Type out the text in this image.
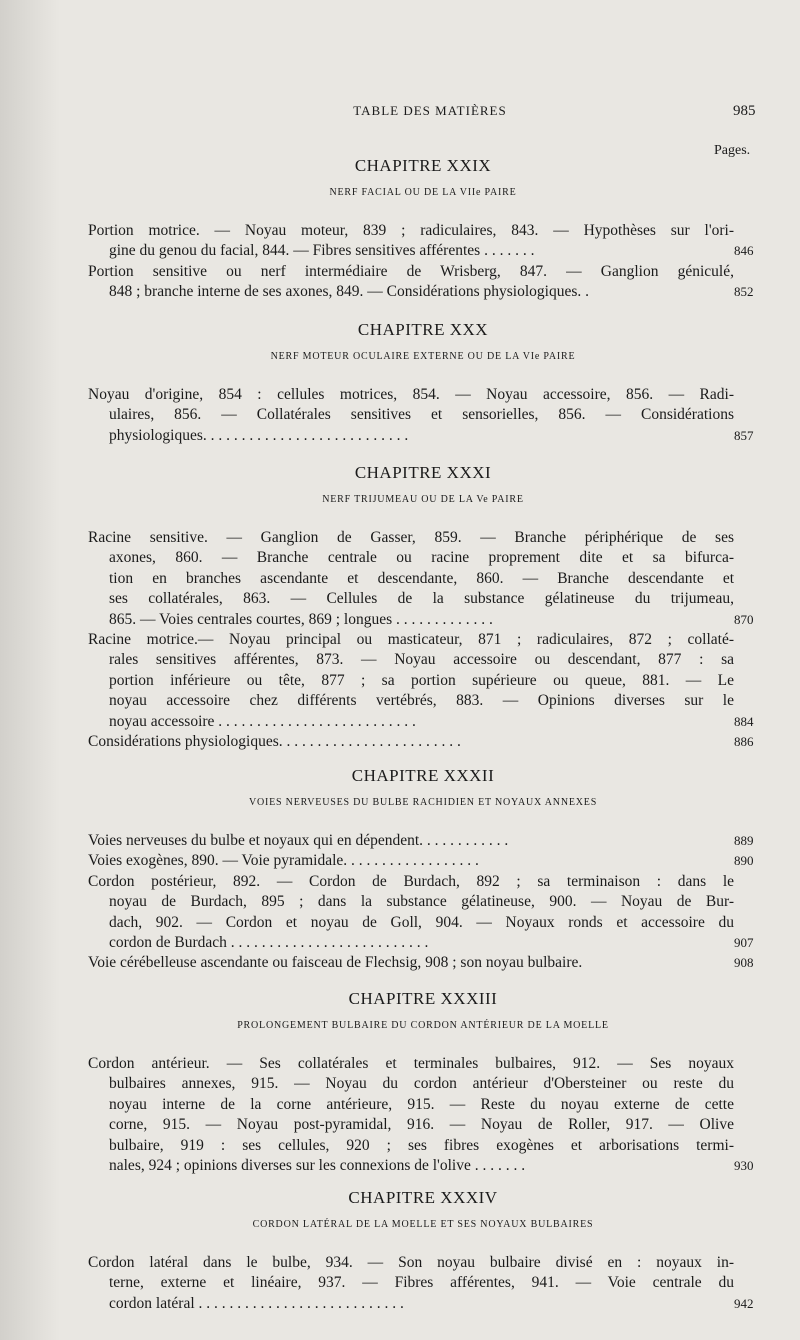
TABLE DES MATIÈRES	985
Pages.
CHAPITRE XXIX
NERF FACIAL OU DE LA VIIe PAIRE
Portion motrice. — Noyau moteur, 839 ; radiculaires, 843. — Hypothèses sur l'ori-
gine du genou du facial, 844. — Fibres sensitives afférentes . . . . . . .	846
Portion sensitive ou nerf intermédiaire de Wrisberg, 847. — Ganglion géniculé,
848 ; branche interne de ses axones, 849. — Considérations physiologiques. .	852
CHAPITRE XXX
NERF MOTEUR OCULAIRE EXTERNE OU DE LA VIe PAIRE
Noyau d'origine, 854 : cellules motrices, 854. — Noyau accessoire, 856. — Radi-
ulaires, 856. — Collatérales sensitives et sensorielles, 856. — Considérations
physiologiques. . . . . . . . . . . . . . . . . . . . . . . . . . .	857
CHAPITRE XXXI
NERF TRIJUMEAU OU DE LA Ve PAIRE
Racine sensitive. — Ganglion de Gasser, 859. — Branche périphérique de ses
axones, 860. — Branche centrale ou racine proprement dite et sa bifurca-
tion en branches ascendante et descendante, 860. — Branche descendante et
ses collatérales, 863. — Cellules de la substance gélatineuse du trijumeau,
865. — Voies centrales courtes, 869 ; longues . . . . . . . . . . . . .	870
Racine motrice.— Noyau principal ou masticateur, 871 ; radiculaires, 872 ; collaté-
rales sensitives afférentes, 873. — Noyau accessoire ou descendant, 877 : sa
portion inférieure ou tête, 877 ; sa portion supérieure ou queue, 881. — Le
noyau accessoire chez différents vertébrés, 883. — Opinions diverses sur le
noyau accessoire . . . . . . . . . . . . . . . . . . . . . . . . . .	884
Considérations physiologiques. . . . . . . . . . . . . . . . . . . . . . . .	886
CHAPITRE XXXII
VOIES NERVEUSES DU BULBE RACHIDIEN ET NOYAUX ANNEXES
Voies nerveuses du bulbe et noyaux qui en dépendent. . . . . . . . . . . .	889
Voies exogènes, 890. — Voie pyramidale. . . . . . . . . . . . . . . . . .	890
Cordon postérieur, 892. — Cordon de Burdach, 892 ; sa terminaison : dans le
noyau de Burdach, 895 ; dans la substance gélatineuse, 900. — Noyau de Bur-
dach, 902. — Cordon et noyau de Goll, 904. — Noyaux ronds et accessoire du
cordon de Burdach . . . . . . . . . . . . . . . . . . . . . . . . . .	907
Voie cérébelleuse ascendante ou faisceau de Flechsig, 908 ; son noyau bulbaire.	908
CHAPITRE XXXIII
PROLONGEMENT BULBAIRE DU CORDON ANTÉRIEUR DE LA MOELLE
Cordon antérieur. — Ses collatérales et terminales bulbaires, 912. — Ses noyaux
bulbaires annexes, 915. — Noyau du cordon antérieur d'Obersteiner ou reste du
noyau interne de la corne antérieure, 915. — Reste du noyau externe de cette
corne, 915. — Noyau post-pyramidal, 916. — Noyau de Roller, 917. — Olive
bulbaire, 919 : ses cellules, 920 ; ses fibres exogènes et arborisations termi-
nales, 924 ; opinions diverses sur les connexions de l'olive . . . . . . .	930
CHAPITRE XXXIV
CORDON LATÉRAL DE LA MOELLE ET SES NOYAUX BULBAIRES
Cordon latéral dans le bulbe, 934. — Son noyau bulbaire divisé en : noyaux in-
terne, externe et linéaire, 937. — Fibres afférentes, 941. — Voie centrale du
cordon latéral . . . . . . . . . . . . . . . . . . . . . . . . . . .	942
